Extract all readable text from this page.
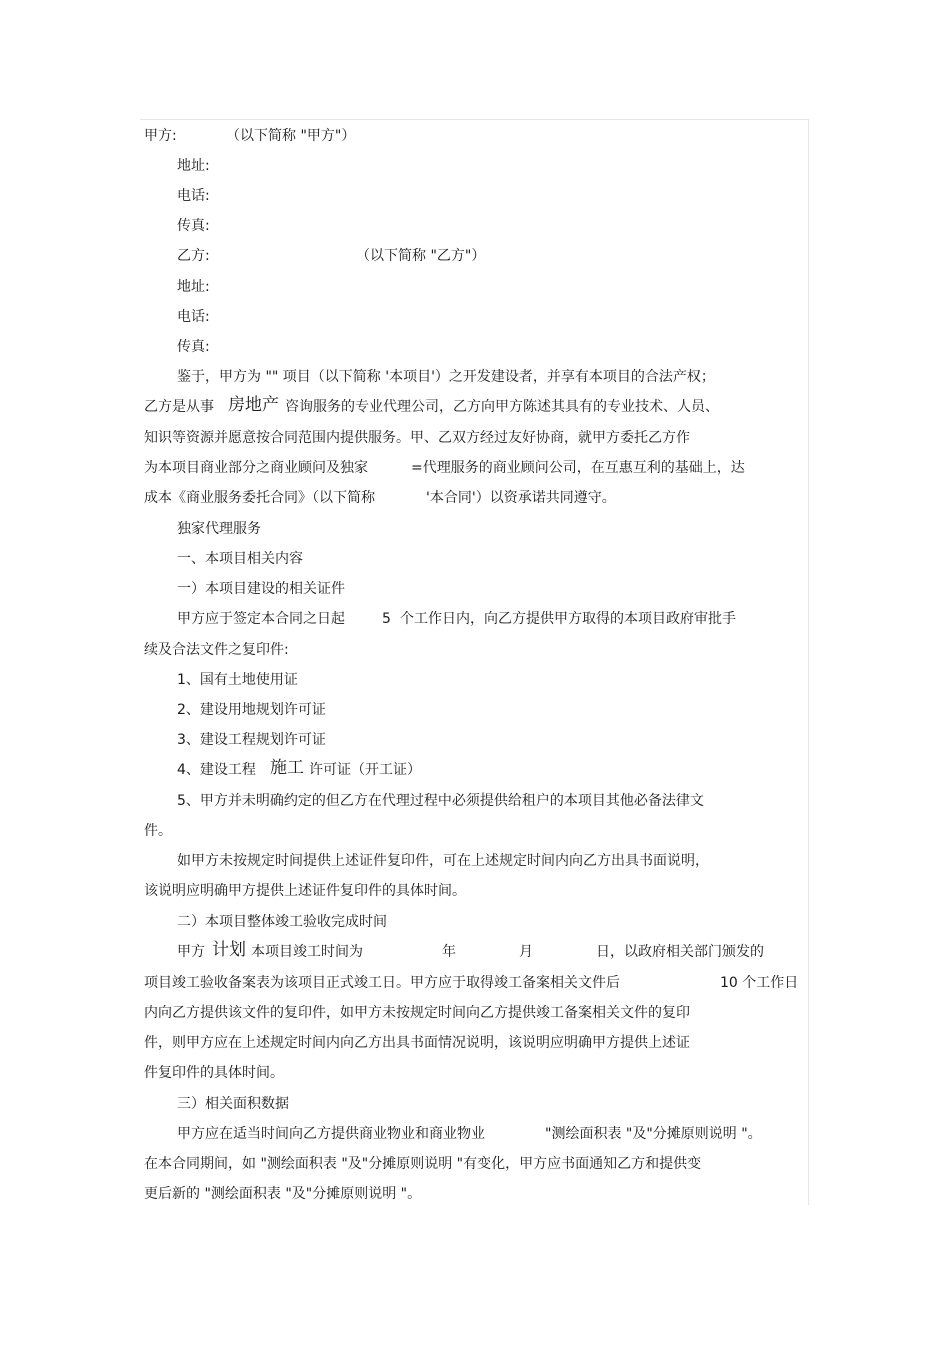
甲方:	（以下简称 "甲方"）
地址:
电话:
传真:
乙方:	（以下简称 "乙方"）
地址:
电话:
传真:
鉴于，甲方为 "" 项目（以下简称 '本项目'）之开发建设者，并享有本项目的合法产权；
乙方是从事 房地产 咨询服务的专业代理公司，乙方向甲方陈述其具有的专业技术、人员、
知识等资源并愿意按合同范围内提供服务。甲、乙双方经过友好协商，就甲方委托乙方作
为本项目商业部分之商业顾问及独家	=代理服务的商业顾问公司，在互惠互利的基础上，达
成本《商业服务委托合同》（以下简称	'本合同'）以资承诺共同遵守。
独家代理服务
一、本项目相关内容
一）本项目建设的相关证件
甲方应于签定本合同之日起	5 个工作日内，向乙方提供甲方取得的本项目政府审批手
续及合法文件之复印件:
1、国有土地使用证
2、建设用地规划许可证
3、建设工程规划许可证
4、建设工程 施工 许可证（开工证）
5、甲方并未明确约定的但乙方在代理过程中必须提供给租户的本项目其他必备法律文
件。
如甲方未按规定时间提供上述证件复印件，可在上述规定时间内向乙方出具书面说明，
该说明应明确甲方提供上述证件复印件的具体时间。
二）本项目整体竣工验收完成时间
甲方 计划 本项目竣工时间为	年	月	日，以政府相关部门颁发的
项目竣工验收备案表为该项目正式竣工日。甲方应于取得竣工备案相关文件后	10 个工作日
内向乙方提供该文件的复印件，如甲方未按规定时间向乙方提供竣工备案相关文件的复印
件，则甲方应在上述规定时间内向乙方出具书面情况说明，该说明应明确甲方提供上述证
件复印件的具体时间。
三）相关面积数据
甲方应在适当时间向乙方提供商业物业和商业物业	"测绘面积表 "及"分摊原则说明 "。
在本合同期间，如 "测绘面积表 "及"分摊原则说明 "有变化，甲方应书面通知乙方和提供变
更后新的 "测绘面积表 "及"分摊原则说明 "。
